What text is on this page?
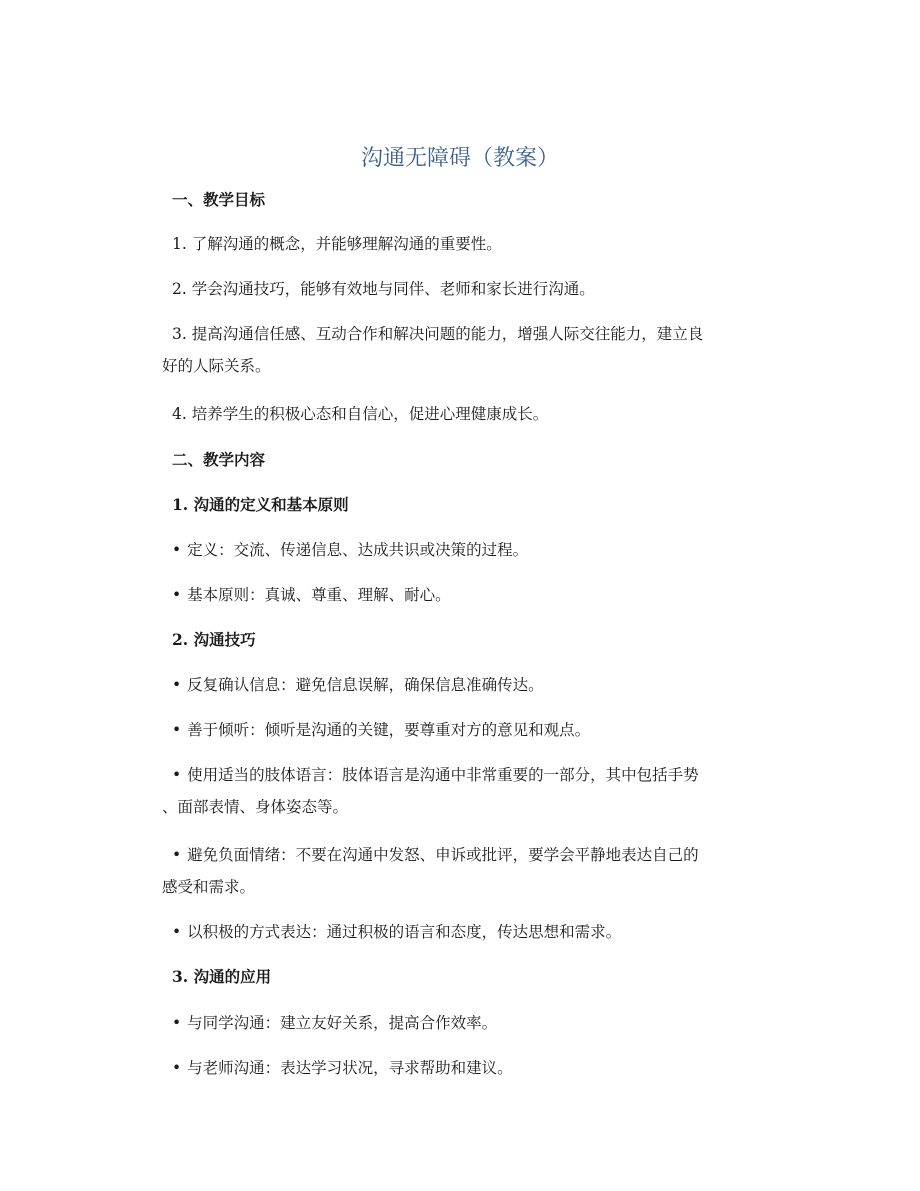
沟通无障碍（教案）

一、教学目标

1. 了解沟通的概念，并能够理解沟通的重要性。

2. 学会沟通技巧，能够有效地与同伴、老师和家长进行沟通。

3. 提高沟通信任感、互动合作和解决问题的能力，增强人际交往能力，建立良

好的人际关系。

4. 培养学生的积极心态和自信心，促进心理健康成长。

二、教学内容

1. 沟通的定义和基本原则

• 定义：交流、传递信息、达成共识或决策的过程。

• 基本原则：真诚、尊重、理解、耐心。

2. 沟通技巧

• 反复确认信息：避免信息误解，确保信息准确传达。

• 善于倾听：倾听是沟通的关键，要尊重对方的意见和观点。

• 使用适当的肢体语言：肢体语言是沟通中非常重要的一部分，其中包括手势

、面部表情、身体姿态等。

• 避免负面情绪：不要在沟通中发怒、申诉或批评，要学会平静地表达自己的

感受和需求。

• 以积极的方式表达：通过积极的语言和态度，传达思想和需求。

3. 沟通的应用

• 与同学沟通：建立友好关系，提高合作效率。

• 与老师沟通：表达学习状况，寻求帮助和建议。
